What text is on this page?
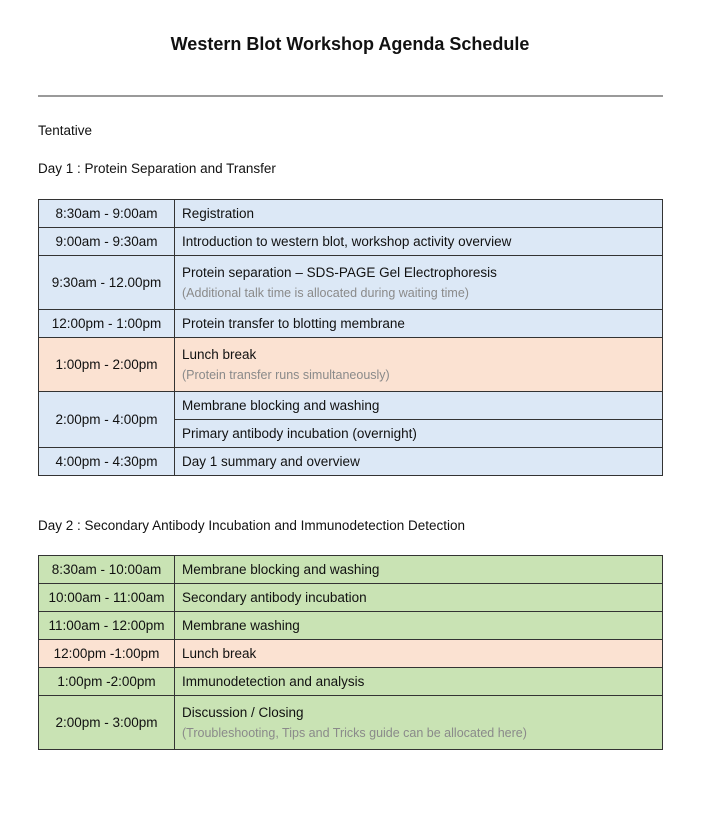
Western Blot Workshop Agenda Schedule
Tentative
Day 1 : Protein Separation and Transfer
8:30am - 9:00am	Registration
9:00am - 9:30am	Introduction to western blot, workshop activity overview
9:30am - 12.00pm	Protein separation – SDS-PAGE Gel Electrophoresis
(Additional talk time is allocated during waiting time)

12:00pm - 1:00pm	Protein transfer to blotting membrane
1:00pm - 2:00pm	Lunch break
(Protein transfer runs simultaneously)

2:00pm - 4:00pm	Membrane blocking and washing
	Primary antibody incubation (overnight)
4:00pm - 4:30pm	Day 1 summary and overview
Day 2 : Secondary Antibody Incubation and Immunodetection Detection
8:30am - 10:00am	Membrane blocking and washing
10:00am - 11:00am	Secondary antibody incubation
11:00am - 12:00pm	Membrane washing
12:00pm -1:00pm	Lunch break
1:00pm -2:00pm	Immunodetection and analysis
2:00pm - 3:00pm	Discussion / Closing
(Troubleshooting, Tips and Tricks guide can be allocated here)
